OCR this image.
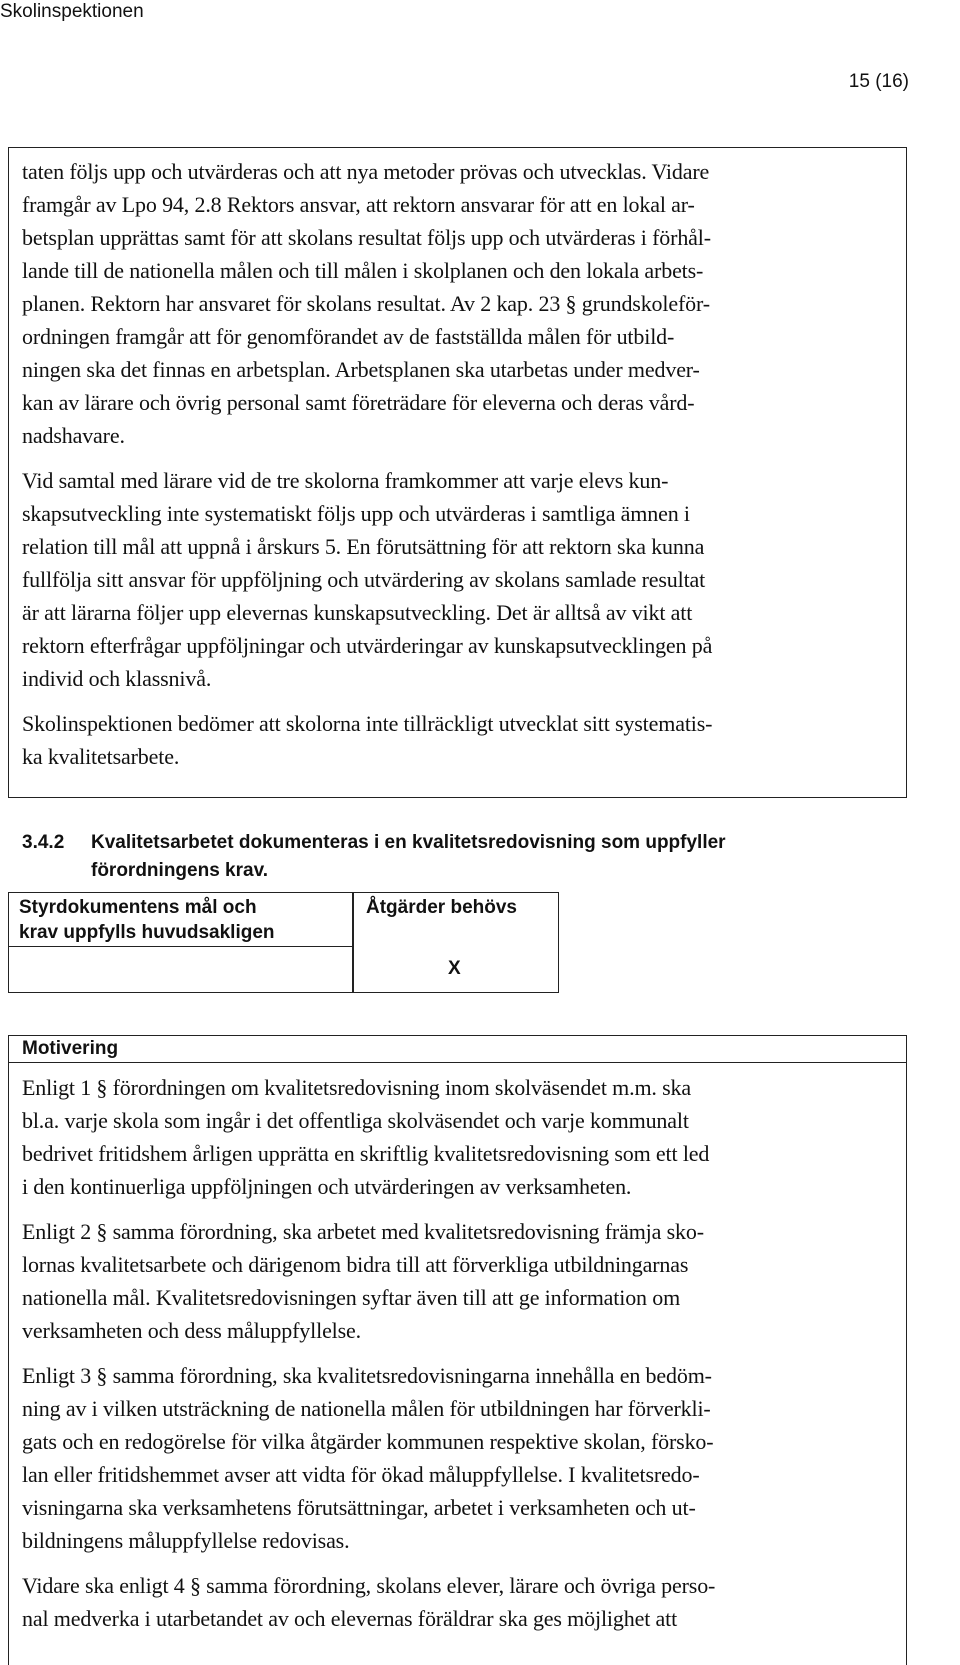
Skolinspektionen
15 (16)

taten följs upp och utvärderas och att nya metoder prövas och utvecklas. Vidare

framgår av Lpo 94, 2.8 Rektors ansvar, att rektorn ansvarar för att en lokal ar-

betsplan upprättas samt för att skolans resultat följs upp och utvärderas i förhål-

lande till de nationella målen och till målen i skolplanen och den lokala arbets-

planen. Rektorn har ansvaret för skolans resultat. Av 2 kap. 23 § grundskoleför-

ordningen framgår att för genomförandet av de fastställda målen för utbild-

ningen ska det finnas en arbetsplan. Arbetsplanen ska utarbetas under medver-

kan av lärare och övrig personal samt företrädare för eleverna och deras vård-

nadshavare.

Vid samtal med lärare vid de tre skolorna framkommer att varje elevs kun-

skapsutveckling inte systematiskt följs upp och utvärderas i samtliga ämnen i

relation till mål att uppnå i årskurs 5. En förutsättning för att rektorn ska kunna

fullfölja sitt ansvar för uppföljning och utvärdering av skolans samlade resultat

är att lärarna följer upp elevernas kunskapsutveckling. Det är alltså av vikt att

rektorn efterfrågar uppföljningar och utvärderingar av kunskapsutvecklingen på

individ och klassnivå.

Skolinspektionen bedömer att skolorna inte tillräckligt utvecklat sitt systematis-

ka kvalitetsarbete.

3.4.2 Kvalitetsarbetet dokumenteras i en kvalitetsredovisning som uppfyller
förordningens krav.
Styrdokumentens mål och
krav uppfylls huvudsakligen
Åtgärder behövs
X
Motivering

Enligt 1 § förordningen om kvalitetsredovisning inom skolväsendet m.m. ska

bl.a. varje skola som ingår i det offentliga skolväsendet och varje kommunalt

bedrivet fritidshem årligen upprätta en skriftlig kvalitetsredovisning som ett led

i den kontinuerliga uppföljningen och utvärderingen av verksamheten.

Enligt 2 § samma förordning, ska arbetet med kvalitetsredovisning främja sko-

lornas kvalitetsarbete och därigenom bidra till att förverkliga utbildningarnas

nationella mål. Kvalitetsredovisningen syftar även till att ge information om

verksamheten och dess måluppfyllelse.

Enligt 3 § samma förordning, ska kvalitetsredovisningarna innehålla en bedöm-

ning av i vilken utsträckning de nationella målen för utbildningen har förverkli-

gats och en redogörelse för vilka åtgärder kommunen respektive skolan, försko-

lan eller fritidshemmet avser att vidta för ökad måluppfyllelse. I kvalitetsredo-

visningarna ska verksamhetens förutsättningar, arbetet i verksamheten och ut-

bildningens måluppfyllelse redovisas.

Vidare ska enligt 4 § samma förordning, skolans elever, lärare och övriga perso-

nal medverka i utarbetandet av och elevernas föräldrar ska ges möjlighet att
